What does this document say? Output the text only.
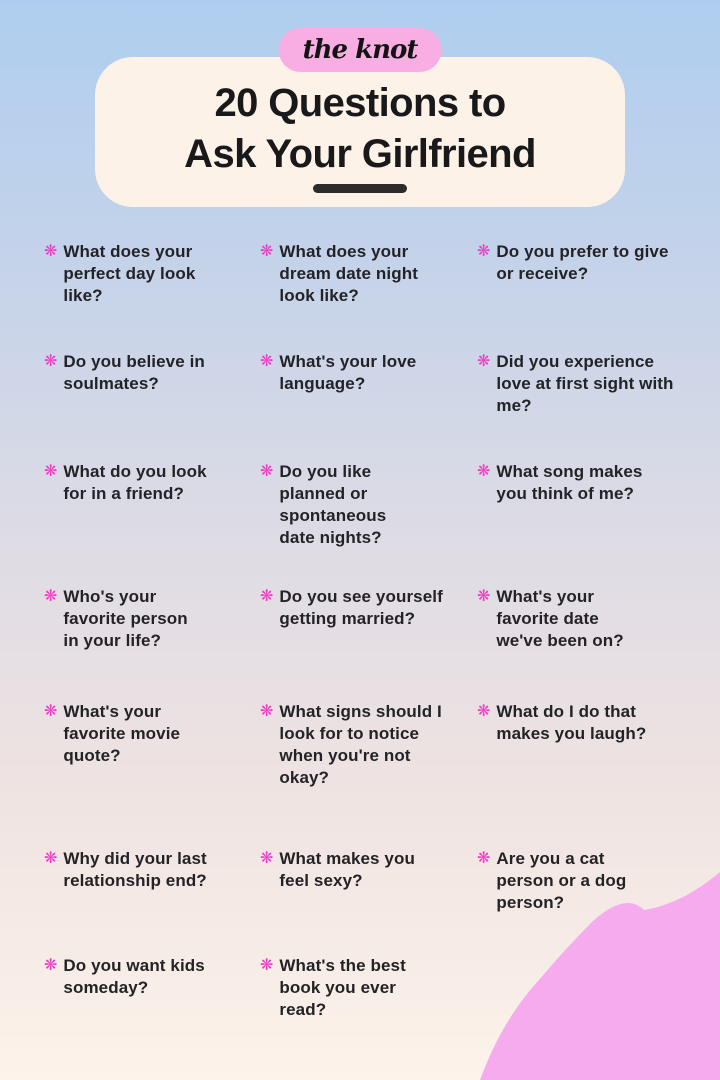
the knot
20 Questions to
Ask Your Girlfriend
❋ What does your perfect day look like?
❋ What does your dream date night look like?
❋ Do you prefer to give or receive?
❋ Do you believe in soulmates?
❋ What's your love language?
❋ Did you experience love at first sight with me?
❋ What do you look for in a friend?
❋ Do you like planned or spontaneous date nights?
❋ What song makes you think of me?
❋ Who's your favorite person in your life?
❋ Do you see yourself getting married?
❋ What's your favorite date we've been on?
❋ What's your favorite movie quote?
❋ What signs should I look for to notice when you're not okay?
❋ What do I do that makes you laugh?
❋ Why did your last relationship end?
❋ What makes you feel sexy?
❋ Are you a cat person or a dog person?
❋ Do you want kids someday?
❋ What's the best book you ever read?
